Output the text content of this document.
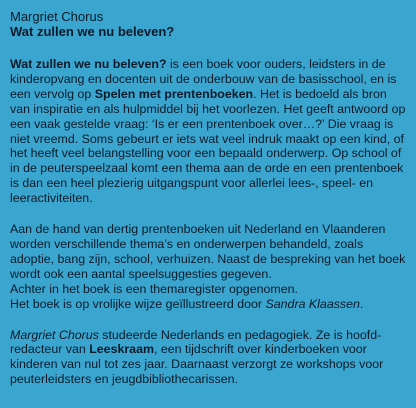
Margriet Chorus

Wat zullen we nu beleven?

Wat zullen we nu beleven? is een boek voor ouders, leidsters in de kinderopvang en docenten uit de onderbouw van de basisschool, en is een vervolg op Spelen met prentenboeken. Het is bedoeld als bron van inspiratie en als hulpmiddel bij het voorlezen. Het geeft antwoord op een vaak gestelde vraag: ‘Is er een prentenboek over…?’ Die vraag is niet vreemd. Soms gebeurt er iets wat veel indruk maakt op een kind, of het heeft veel belangstelling voor een bepaald onderwerp. Op school of in de peuterspeelzaal komt een thema aan de orde en een prentenboek is dan een heel plezierig uitgangspunt voor allerlei lees-, speel- en leeractiviteiten.

Aan de hand van dertig prentenboeken uit Nederland en Vlaanderen worden verschillende thema’s en onderwerpen behandeld, zoals adoptie, bang zijn, school, verhuizen. Naast de bespreking van het boek wordt ook een aantal speelsuggesties gegeven.
Achter in het boek is een themaregister opgenomen.
Het boek is op vrolijke wijze geïllustreerd door Sandra Klaassen.

Margriet Chorus studeerde Nederlands en pedagogiek. Ze is hoofd-redacteur van Leeskraam, een tijdschrift over kinderboeken voor kinderen van nul tot zes jaar. Daarnaast verzorgt ze workshops voor peuterleidsters en jeugdbibliothecarissen.
